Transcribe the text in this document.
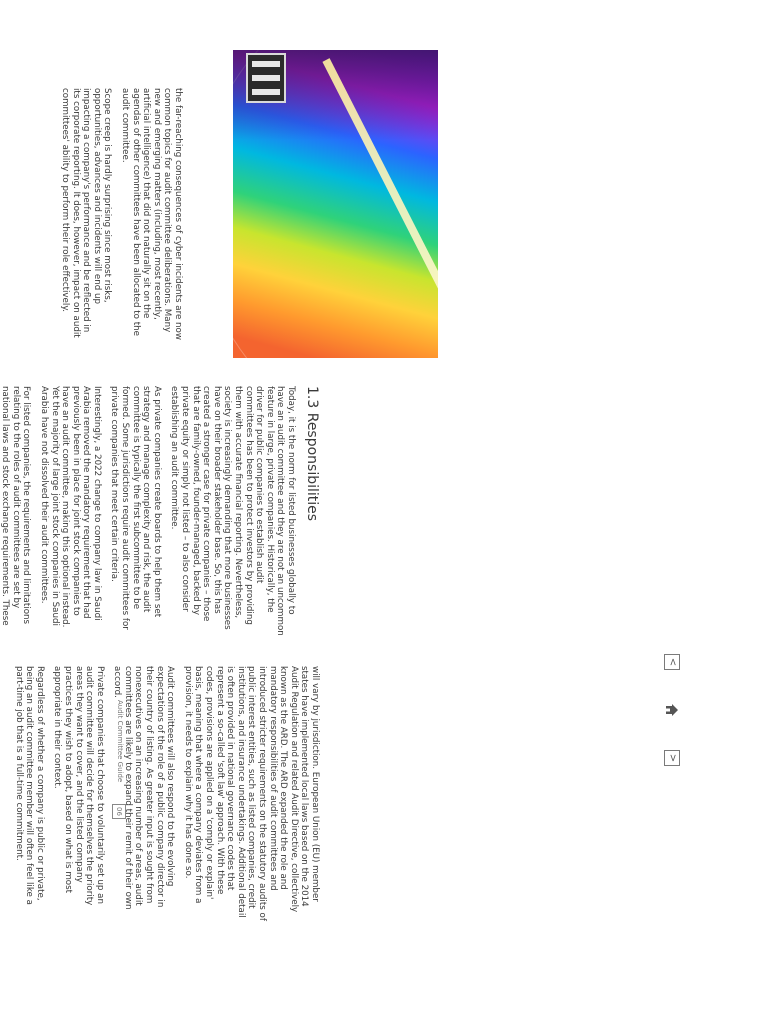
the far-reaching consequences of cyber incidents are now common topics for audit committee deliberations. Many new and emerging matters (including, most recently, artificial intelligence) that did not naturally sit on the agendas of other committees have been allocated to the audit committee.

Scope creep is hardly surprising since most risks, opportunities, advances and incidents will end up impacting a company's performance and be reflected in its corporate reporting. It does, however, impact on audit committees' ability to perform their role effectively.

1.3 Responsibilities

Today, it is the norm for listed businesses globally to have an audit committee and they are not an uncommon feature in large, private companies. Historically, the driver for public companies to establish audit committees has been to protect investors by providing them with accurate financial reporting. Nevertheless, society is increasingly demanding that more businesses have on their broader stakeholder base. So, this has created a stronger case for private companies – those that are family-owned, founder-managed, backed by private equity or simply not listed – to also consider establishing an audit committee.

As private companies create boards to help them set strategy and manage complexity and risk, the audit committee is typically the first subcommittee to be formed. Some jurisdictions require audit committees for private companies that meet certain criteria.

Interestingly, a 2022 change to company law in Saudi Arabia removed the mandatory requirement that had previously been in place for joint stock companies to have an audit committee, making this optional instead. Yet the majority of large joint stock companies in Saudi Arabia have not dissolved their audit committees.

For listed companies, the requirements and limitations relating to the roles of audit committees are set by national laws and stock exchange requirements. These

will vary by jurisdiction. European Union (EU) member states have implemented local laws based on the 2014 Audit Regulation and related Audit Directive, collectively known as the ARD. The ARD expanded the role and mandatory responsibilities of audit committees and introduced stricter requirements on the statutory audits of public interest entities, such as listed companies, credit institutions, and insurance undertakings. Additional detail is often provided in national governance codes that represent a so-called 'soft law' approach. With these codes, provisions are applied on a 'comply or explain' basis, meaning that where a company deviates from a provision, it needs to explain why it has done so.

Audit committees will also respond to the evolving expectations of the role of a public company director in their country of listing. As greater input is sought from nonexecutives on an increasing number of areas, audit committees are likely to expand their remit of their own accord.

Private companies that choose to voluntarily set up an audit committee will decide for themselves the priority areas they want to cover, and the listed company practices they wish to adopt, based on what is most appropriate in their context.

Regardless of whether a company is public or private, being an audit committee member will often feel like a part-time job that is a full-time commitment.

<
>
Audit Committee Guide
06
